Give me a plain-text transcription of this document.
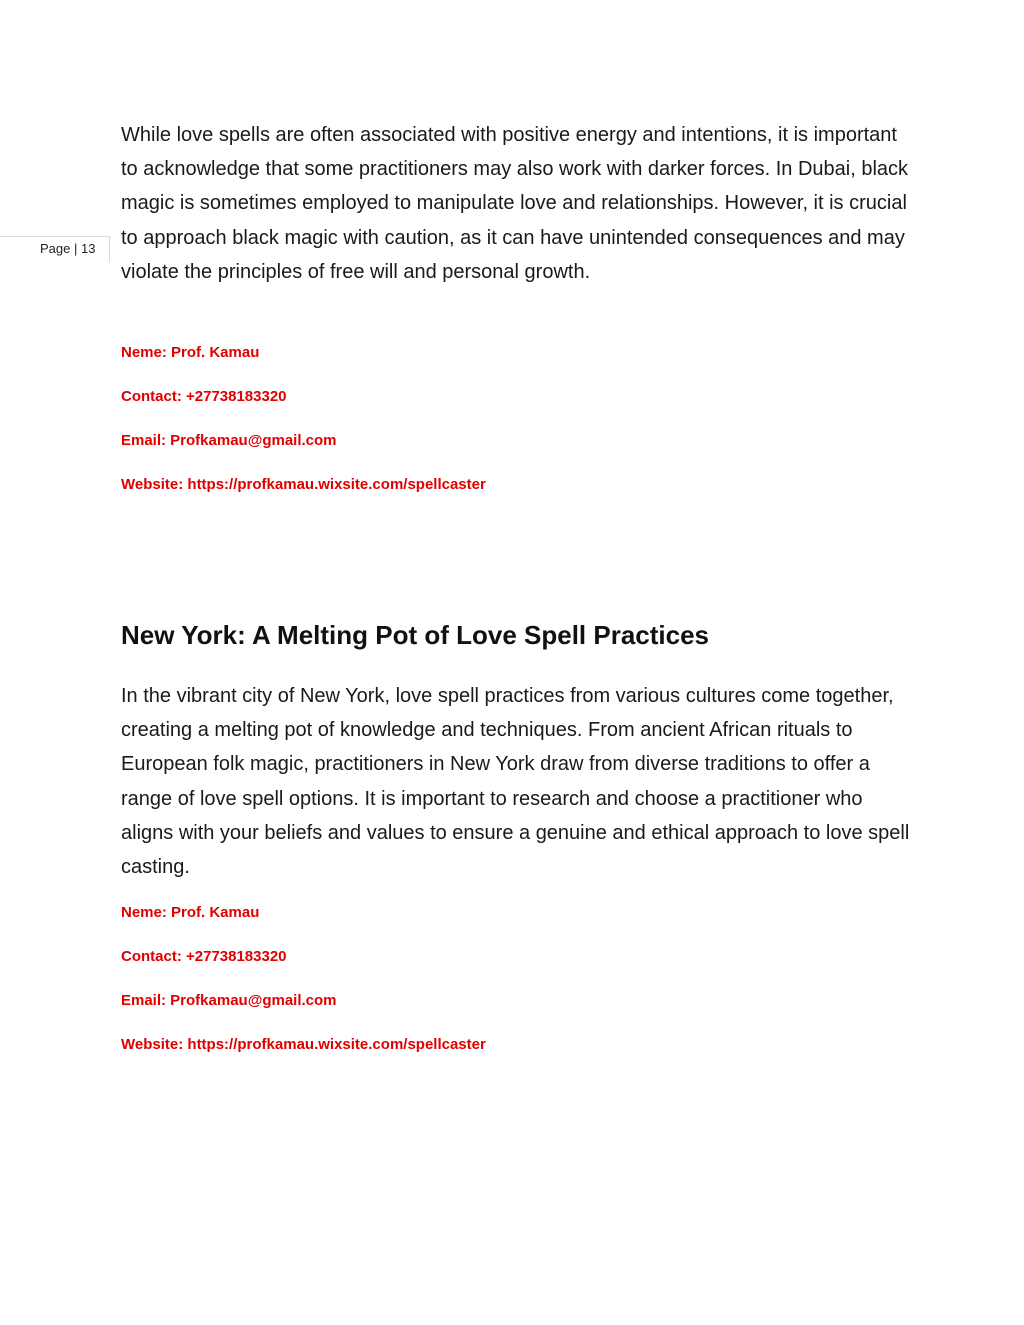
Page | 13

While love spells are often associated with positive energy and intentions, it is important to acknowledge that some practitioners may also work with darker forces. In Dubai, black magic is sometimes employed to manipulate love and relationships. However, it is crucial to approach black magic with caution, as it can have unintended consequences and may violate the principles of free will and personal growth.

Neme: Prof. Kamau

Contact: +27738183320

Email: Profkamau@gmail.com

Website: https://profkamau.wixsite.com/spellcaster

New York: A Melting Pot of Love Spell Practices

In the vibrant city of New York, love spell practices from various cultures come together, creating a melting pot of knowledge and techniques. From ancient African rituals to European folk magic, practitioners in New York draw from diverse traditions to offer a range of love spell options. It is important to research and choose a practitioner who aligns with your beliefs and values to ensure a genuine and ethical approach to love spell casting.

Neme: Prof. Kamau

Contact: +27738183320

Email: Profkamau@gmail.com

Website: https://profkamau.wixsite.com/spellcaster
